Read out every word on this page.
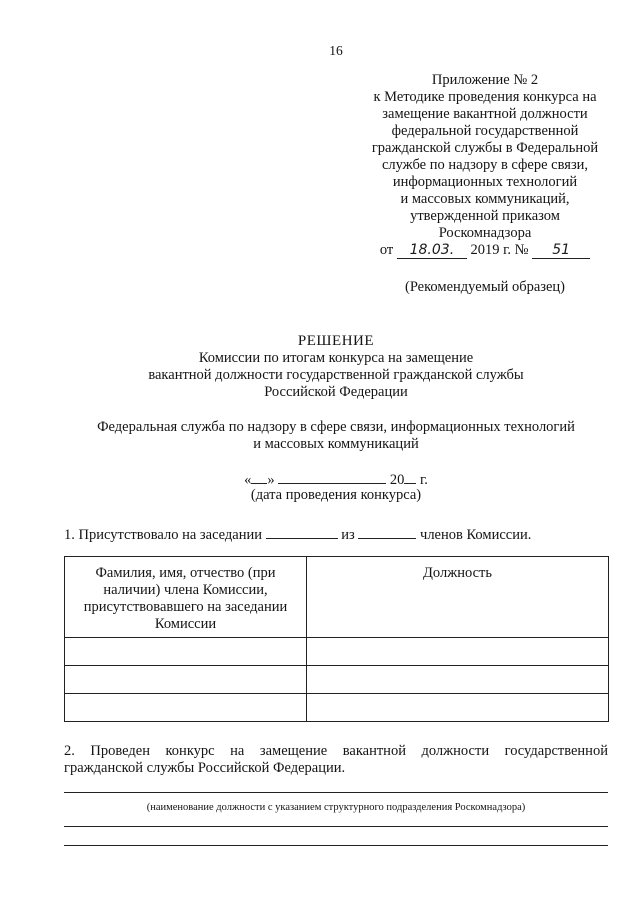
16
Приложение № 2
к Методике проведения конкурса на
замещение вакантной должности
федеральной государственной
гражданской службы в Федеральной
службе по надзору в сфере связи,
информационных технологий
и массовых коммуникаций,
утвержденной приказом
Роскомнадзора
от 18.03. 2019 г. № 51
(Рекомендуемый образец)
РЕШЕНИЕ
Комиссии по итогам конкурса на замещение
вакантной должности государственной гражданской службы
Российской Федерации
Федеральная служба по надзору в сфере связи, информационных технологий
и массовых коммуникаций
« »	20 г.
(дата проведения конкурса)
1. Присутствовало на заседании	из	членов Комиссии.
Фамилия, имя, отчество (при наличии) члена Комиссии, присутствовавшего на заседании Комиссии	Должность

2. Проведен конкурс на замещение вакантной должности государственной
гражданской службы Российской Федерации.
(наименование должности с указанием структурного подразделения Роскомнадзора)
